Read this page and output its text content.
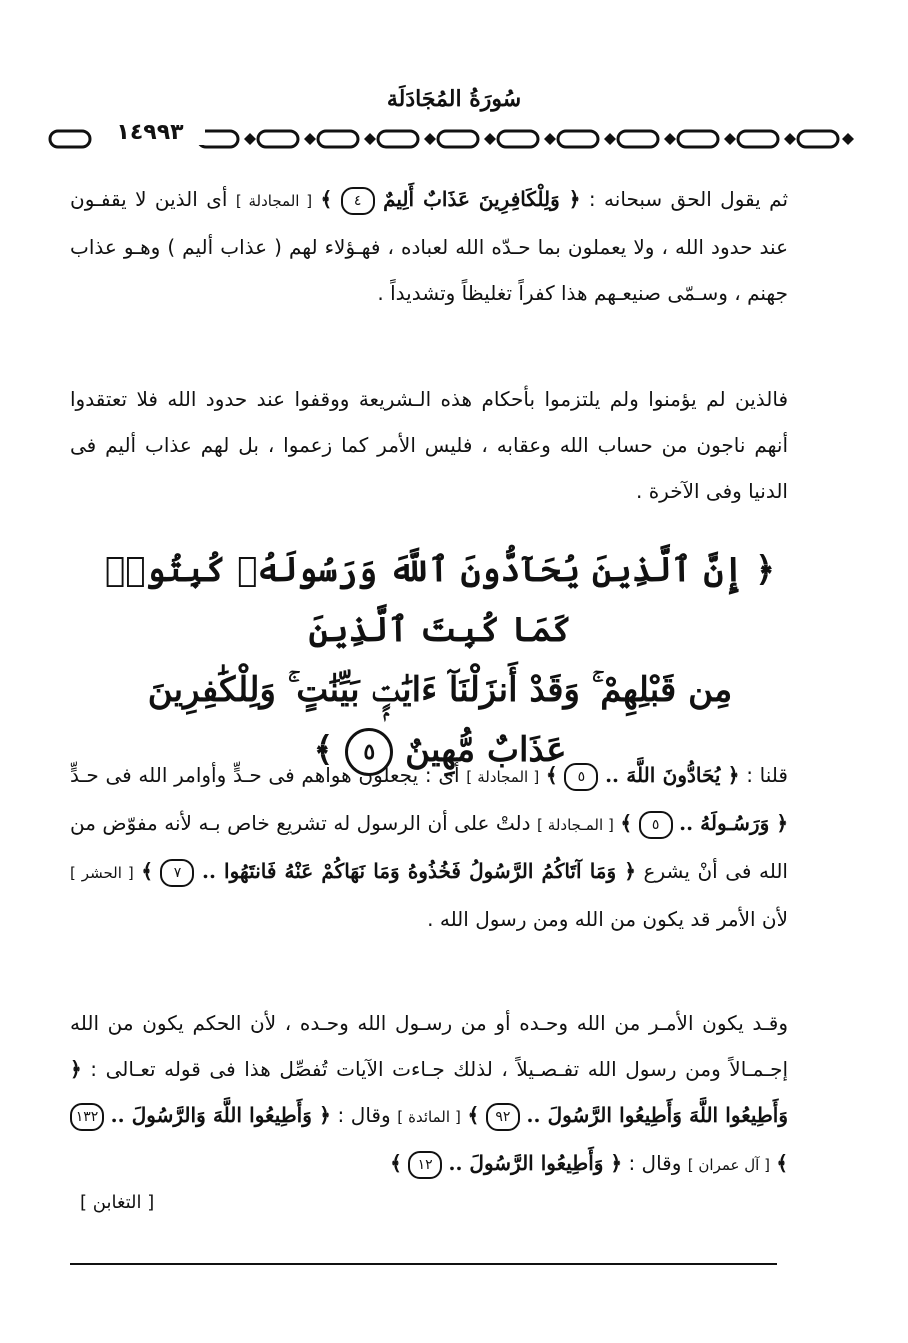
سُورَةُ المُجَادَلَة
١٤٩٩٣

ثم يقول الحق سبحانه : ﴿ وَلِلْكَافِرِينَ عَذَابٌ أَلِيمٌ ٤ ﴾ [ المجادلة ] أى الذين لا يقفـون عند حدود الله ، ولا يعملون بما حـدّه الله لعباده ، فهـؤلاء لهم ( عذاب أليم ) وهـو عذاب جهنم ، وسـمّى صنيعـهم هذا كفراً تغليظاً وتشديداً .

فالذين لم يؤمنوا ولم يلتزموا بأحكام هذه الـشريعة ووقفوا عند حدود الله فلا تعتقدوا أنهم ناجون من حساب الله وعقابه ، فليس الأمر كما زعموا ، بل لهم عذاب أليم فى الدنيا وفى الآخرة .

﴿ إِنَّ ٱلَّذِينَ يُحَآدُّونَ ٱللَّهَ وَرَسُولَهُۥ كُبِتُوا۟ كَمَا كُبِتَ ٱلَّذِينَ
مِن قَبْلِهِمْ ۚ وَقَدْ أَنزَلْنَآ ءَايَٰتٍۭ بَيِّنَٰتٍ ۚ وَلِلْكَٰفِرِينَ
عَذَابٌ مُّهِينٌ ٥ ﴾

قلنا : ﴿ يُحَادُّونَ اللَّهَ .. ٥ ﴾ [ المجادلة ] أى : يجعلون هواهم فى حـدٍّ وأوامر الله فى حـدٍّ ﴿ وَرَسُـولَهُ .. ٥ ﴾ [ المـجادلة ] دلتْ على أن الرسول له تشريع خاص بـه لأنه مفوّض من الله فى أنْ يشرع ﴿ وَمَا آتَاكُمُ الرَّسُولُ فَخُذُوهُ وَمَا نَهَاكُمْ عَنْهُ فَانتَهُوا .. ٧ ﴾ [ الحشر ] لأن الأمر قد يكون من الله ومن رسول الله .

وقـد يكون الأمـر من الله وحـده أو من رسـول الله وحـده ، لأن الحكم يكون من الله إجـمـالاً ومن رسول الله تفـصـيلاً ، لذلك جـاءت الآيات تُفصِّل هذا فى قوله تعـالى : ﴿ وَأَطِيعُوا اللَّهَ وَأَطِيعُوا الرَّسُولَ .. ٩٢ ﴾ [ المائدة ] وقال : ﴿ وَأَطِيعُوا اللَّهَ وَالرَّسُولَ .. ١٣٢ ﴾ [ آل عمران ] وقال : ﴿ وَأَطِيعُوا الرَّسُولَ .. ١٢ ﴾

[ التغابن ]
